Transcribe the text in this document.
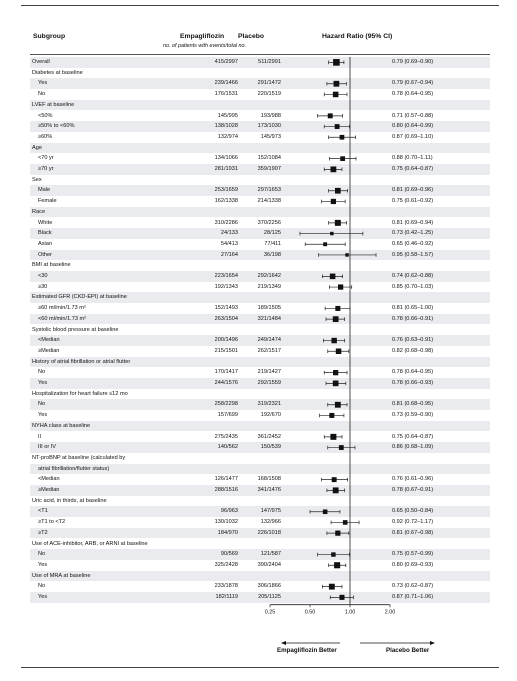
Subgroup	Empagliflozin Placebo
no. of patients with events/total no.
Hazard Ratio (95% CI)
Overall	415/2997	511/2991	0.79 (0.69–0.90)
Diabetes at baseline
Yes	239/1466	291/1472	0.79 (0.67–0.94)
No	176/1531	220/1519	0.78 (0.64–0.95)
LVEF at baseline
<50%	145/995	193/988	0.71 (0.57–0.88)
≥50% to <60%	138/1028	173/1030	0.80 (0.64–0.99)
≥60%	132/974	145/973	0.87 (0.69–1.10)
Age
<70 yr	134/1066	152/1084	0.88 (0.70–1.11)
≥70 yr	281/1931	359/1907	0.75 (0.64–0.87)
Sex
Male	253/1659	297/1653	0.81 (0.69–0.96)
Female	162/1338	214/1338	0.75 (0.61–0.92)
Race
White	310/2286	370/2256	0.81 (0.69–0.94)
Black	24/133	28/125	0.73 (0.42–1.25)
Asian	54/413	77/411	0.65 (0.46–0.92)
Other	27/164	36/198	0.95 (0.58–1.57)
BMI at baseline
<30	223/1654	292/1642	0.74 (0.62–0.88)
≥30	192/1343	219/1349	0.85 (0.70–1.03)
Estimated GFR (CKD-EPI) at baseline
≥60 ml/min/1.73 m²	152/1493	189/1505	0.81 (0.65–1.00)
<60 ml/min/1.73 m²	263/1504	321/1484	0.78 (0.66–0.91)
Systolic blood pressure at baseline
<Median	200/1496	249/1474	0.76 (0.63–0.91)
≥Median	215/1501	262/1517	0.82 (0.68–0.98)
History of atrial fibrillation or atrial flutter
No	170/1417	219/1427	0.78 (0.64–0.95)
Yes	244/1576	292/1559	0.78 (0.66–0.93)
Hospitalization for heart failure ≤12 mo
No	258/2298	319/2321	0.81 (0.68–0.95)
Yes	157/699	192/670	0.73 (0.59–0.90)
NYHA class at baseline
II	275/2435	361/2452	0.75 (0.64–0.87)
III or IV	140/562	150/539	0.86 (0.68–1.09)
NT-proBNP at baseline (calculated by
atrial fibrillation/flutter status)
<Median	126/1477	168/1508	0.76 (0.61–0.96)
≥Median	288/1516	341/1476	0.78 (0.67–0.91)
Uric acid, in thirds, at baseline
<T1	96/963	147/975	0.65 (0.50–0.84)
≥T1 to <T2	130/1032	132/966	0.92 (0.72–1.17)
≥T2	184/970	226/1018	0.81 (0.67–0.98)
Use of ACE-inhibitor, ARB, or ARNI at baseline
No	90/569	121/587	0.75 (0.57–0.99)
Yes	325/2428	390/2404	0.80 (0.69–0.93)
Use of MRA at baseline
No	233/1878	306/1866	0.73 (0.62–0.87)
Yes	182/1119	205/1125	0.87 (0.71–1.06)
0.25	0.50	1.00	2.00
Empagliflozin Better	Placebo Better
